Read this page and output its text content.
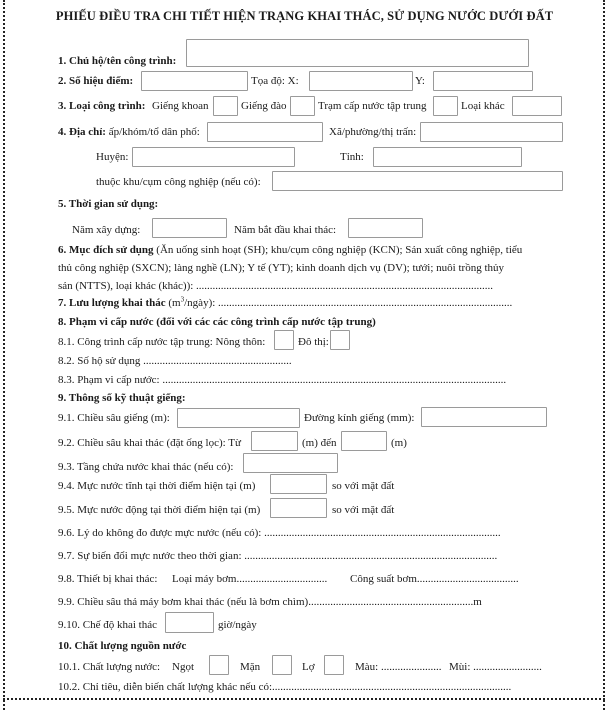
PHIẾU ĐIỀU TRA CHI TIẾT HIỆN TRẠNG KHAI THÁC, SỬ DỤNG NƯỚC DƯỚI ĐẤT
1. Chủ hộ/tên công trình:
2. Số hiệu điểm:	Tọa độ: X:	Y:
3. Loại công trình: Giếng khoan	Giếng đào	Trạm cấp nước tập trung	Loại khác
4. Địa chỉ: ấp/khóm/tổ dân phố:	Xã/phường/thị trấn:
Huyện:	Tỉnh:
thuộc khu/cụm công nghiệp (nếu có):
5. Thời gian sử dụng:
Năm xây dựng:	Năm bắt đầu khai thác:
6. Mục đích sử dụng (Ăn uống sinh hoạt (SH); khu/cụm công nghiệp (KCN); Sản xuất công nghiệp, tiểu
thủ công nghiệp (SXCN); làng nghề (LN); Y tế (YT); kinh doanh dịch vụ (DV); tưới; nuôi trồng thủy
sản (NTTS), loại khác (khác)): ............................................................................................................
7. Lưu lượng khai thác $(m^3/ngày)$: ...........................................................................................................
8. Phạm vi cấp nước (đối với các các công trình cấp nước tập trung)
8.1. Công trình cấp nước tập trung: Nông thôn:	Đô thị:
8.2. Số hộ sử dụng ......................................................
8.3. Phạm vi cấp nước: .............................................................................................................................
9. Thông số kỹ thuật giếng:
9.1. Chiều sâu giếng (m):	Đường kính giếng (mm):
9.2. Chiều sâu khai thác (đặt ống lọc): Từ	(m) đến	(m)
9.3. Tầng chứa nước khai thác (nếu có):
9.4. Mực nước tĩnh tại thời điểm hiện tại (m)	so với mặt đất
9.5. Mực nước động tại thời điểm hiện tại (m)	so với mặt đất
9.6. Lý do không đo được mực nước (nếu có): ......................................................................................
9.7. Sự biến đổi mực nước theo thời gian: ............................................................................................
9.8. Thiết bị khai thác: Loại máy bơm................................. Công suất bơm.....................................
9.9. Chiều sâu thả máy bơm khai thác (nếu là bơm chìm)............................................................m
9.10. Chế độ khai thác	giờ/ngày
10. Chất lượng nguồn nước
10.1. Chất lượng nước: Ngọt	Mặn	Lợ	Màu: ...................... Mùi: .........................
10.2. Chỉ tiêu, diễn biến chất lượng khác nếu có:.......................................................................................
